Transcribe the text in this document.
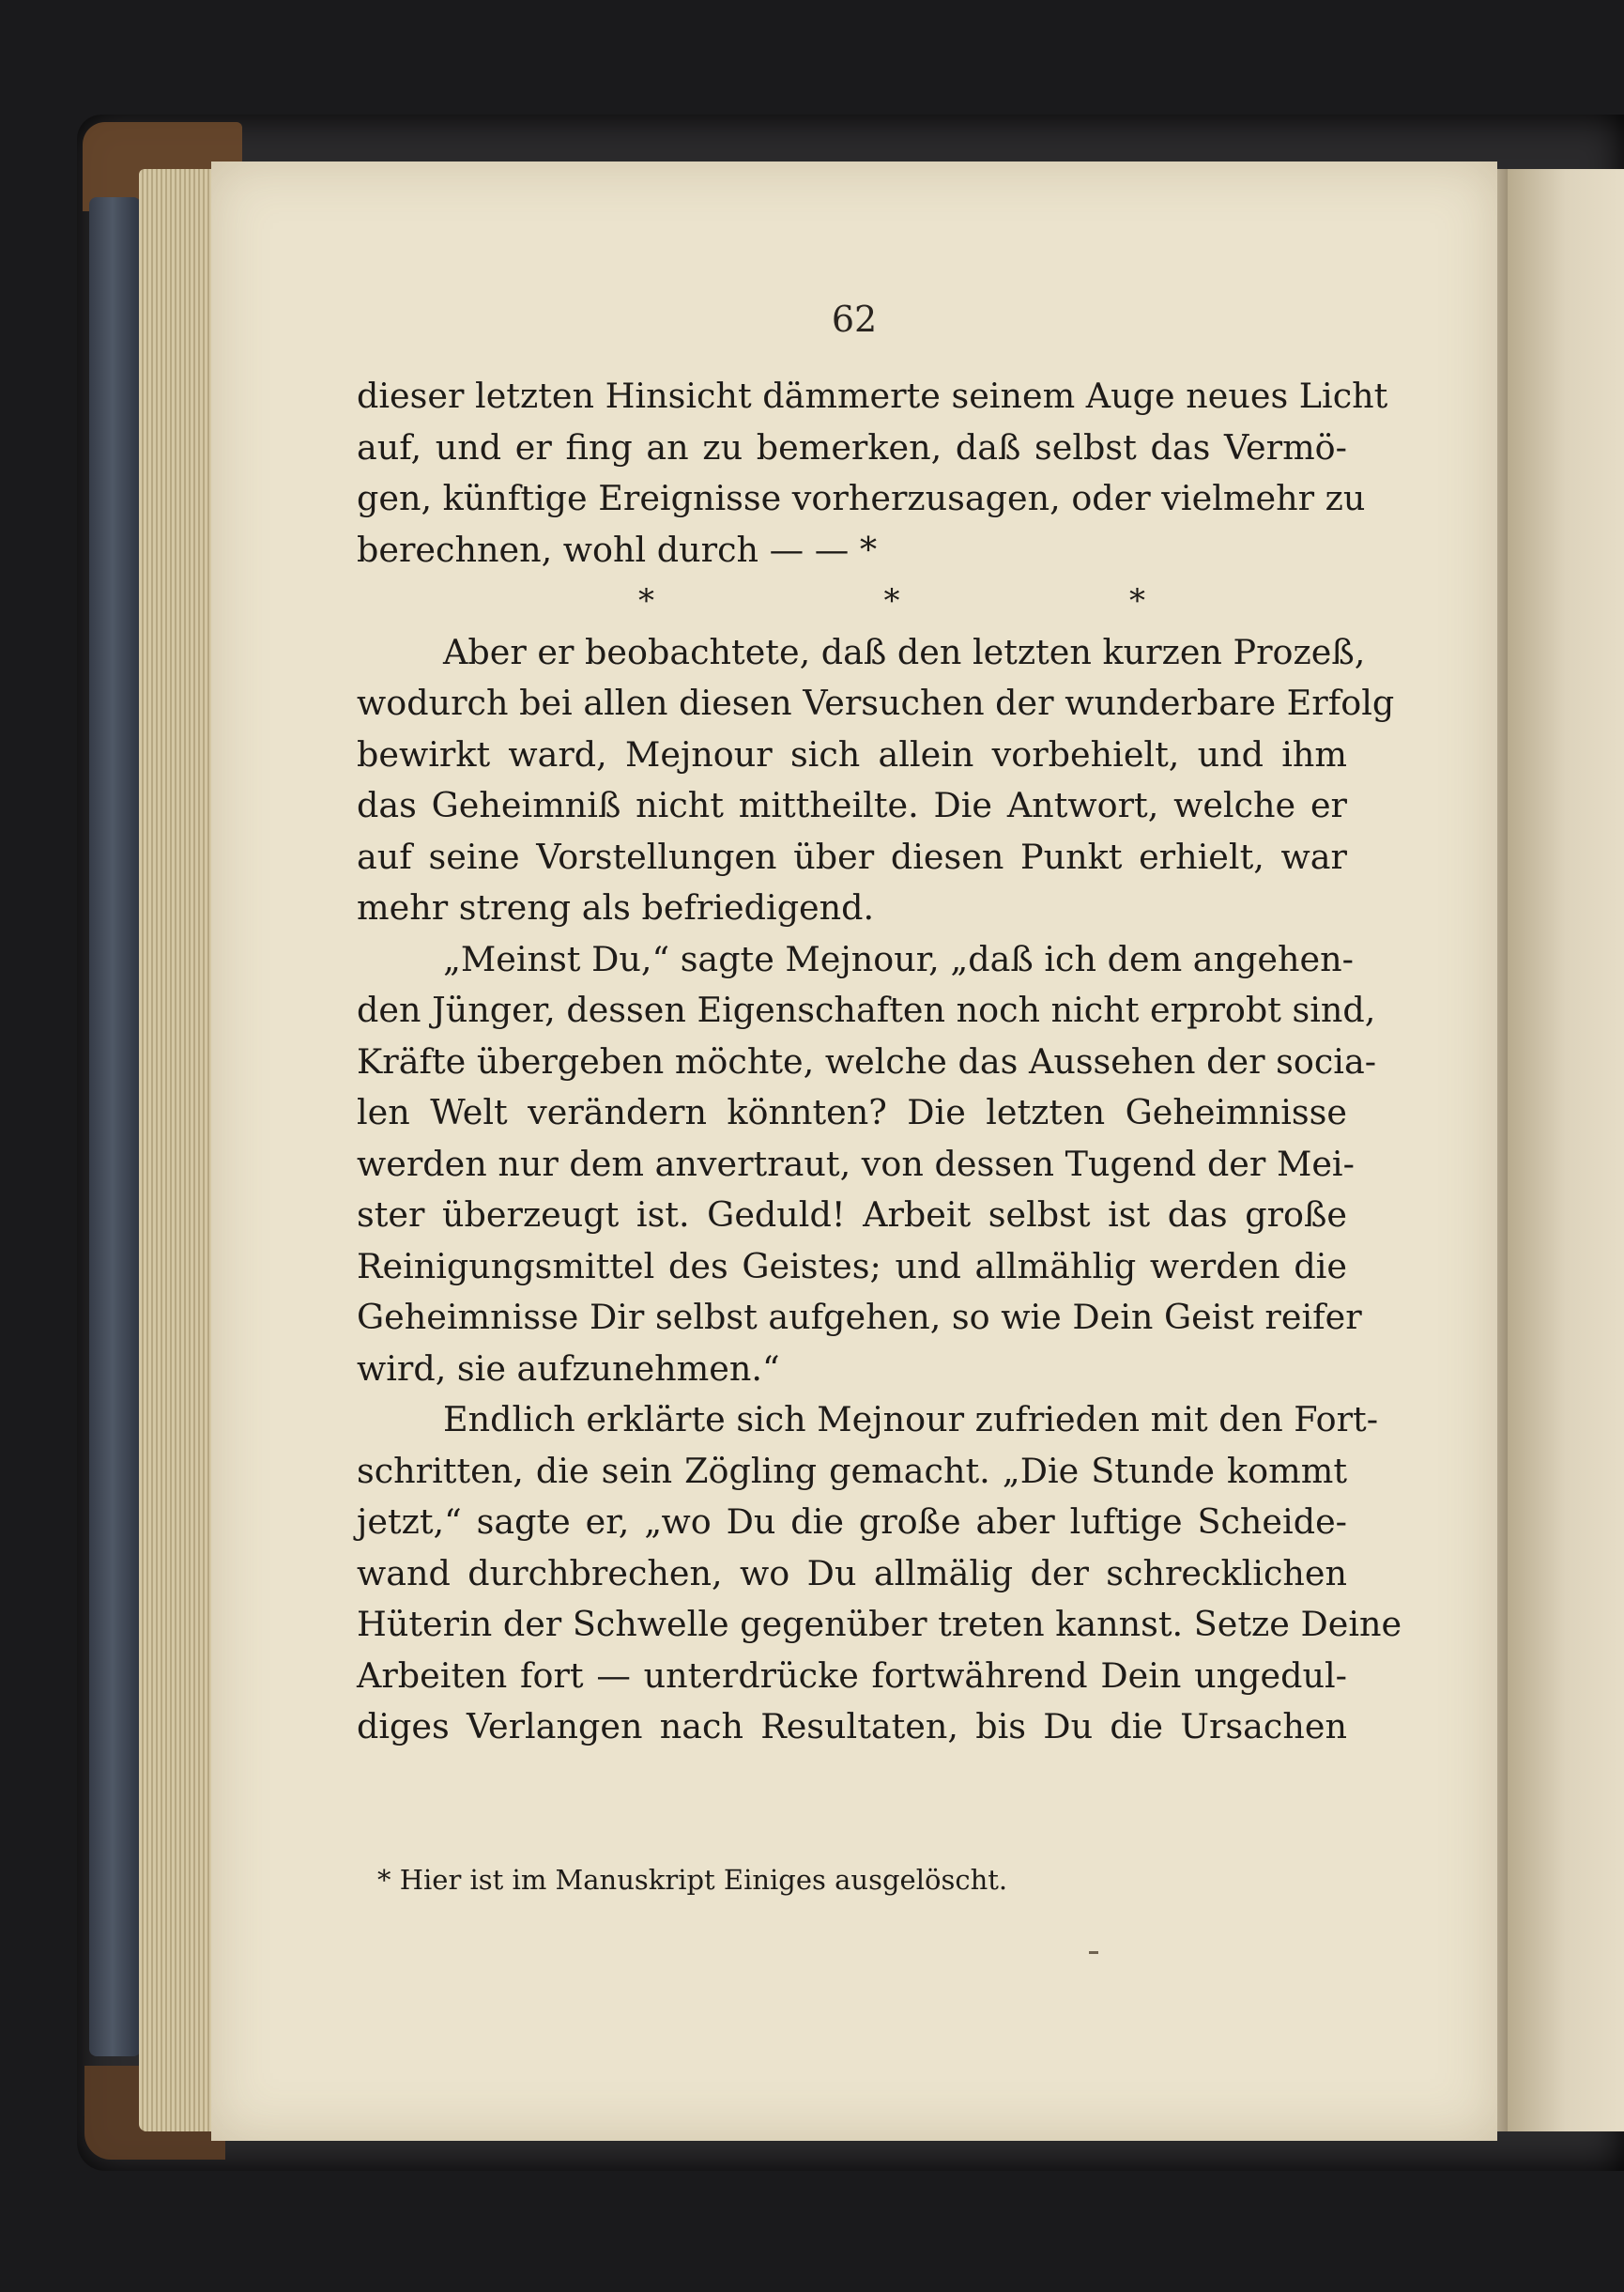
62
dieser letzten Hinsicht dämmerte seinem Auge neues Licht
auf, und er fing an zu bemerken, daß selbst das Vermö-
gen, künftige Ereignisse vorherzusagen, oder vielmehr zu
berechnen, wohl durch — — *
*	*	*
Aber er beobachtete, daß den letzten kurzen Prozeß,
wodurch bei allen diesen Versuchen der wunderbare Erfolg
bewirkt ward, Mejnour sich allein vorbehielt, und ihm
das Geheimniß nicht mittheilte. Die Antwort, welche er
auf seine Vorstellungen über diesen Punkt erhielt, war
mehr streng als befriedigend.
„Meinst Du,“ sagte Mejnour, „daß ich dem angehen-
den Jünger, dessen Eigenschaften noch nicht erprobt sind,
Kräfte übergeben möchte, welche das Aussehen der socia-
len Welt verändern könnten? Die letzten Geheimnisse
werden nur dem anvertraut, von dessen Tugend der Mei-
ster überzeugt ist. Geduld! Arbeit selbst ist das große
Reinigungsmittel des Geistes; und allmählig werden die
Geheimnisse Dir selbst aufgehen, so wie Dein Geist reifer
wird, sie aufzunehmen.“
Endlich erklärte sich Mejnour zufrieden mit den Fort-
schritten, die sein Zögling gemacht. „Die Stunde kommt
jetzt,“ sagte er, „wo Du die große aber luftige Scheide-
wand durchbrechen, wo Du allmälig der schrecklichen
Hüterin der Schwelle gegenüber treten kannst. Setze Deine
Arbeiten fort — unterdrücke fortwährend Dein ungedul-
diges Verlangen nach Resultaten, bis Du die Ursachen
* Hier ist im Manuskript Einiges ausgelöscht.
